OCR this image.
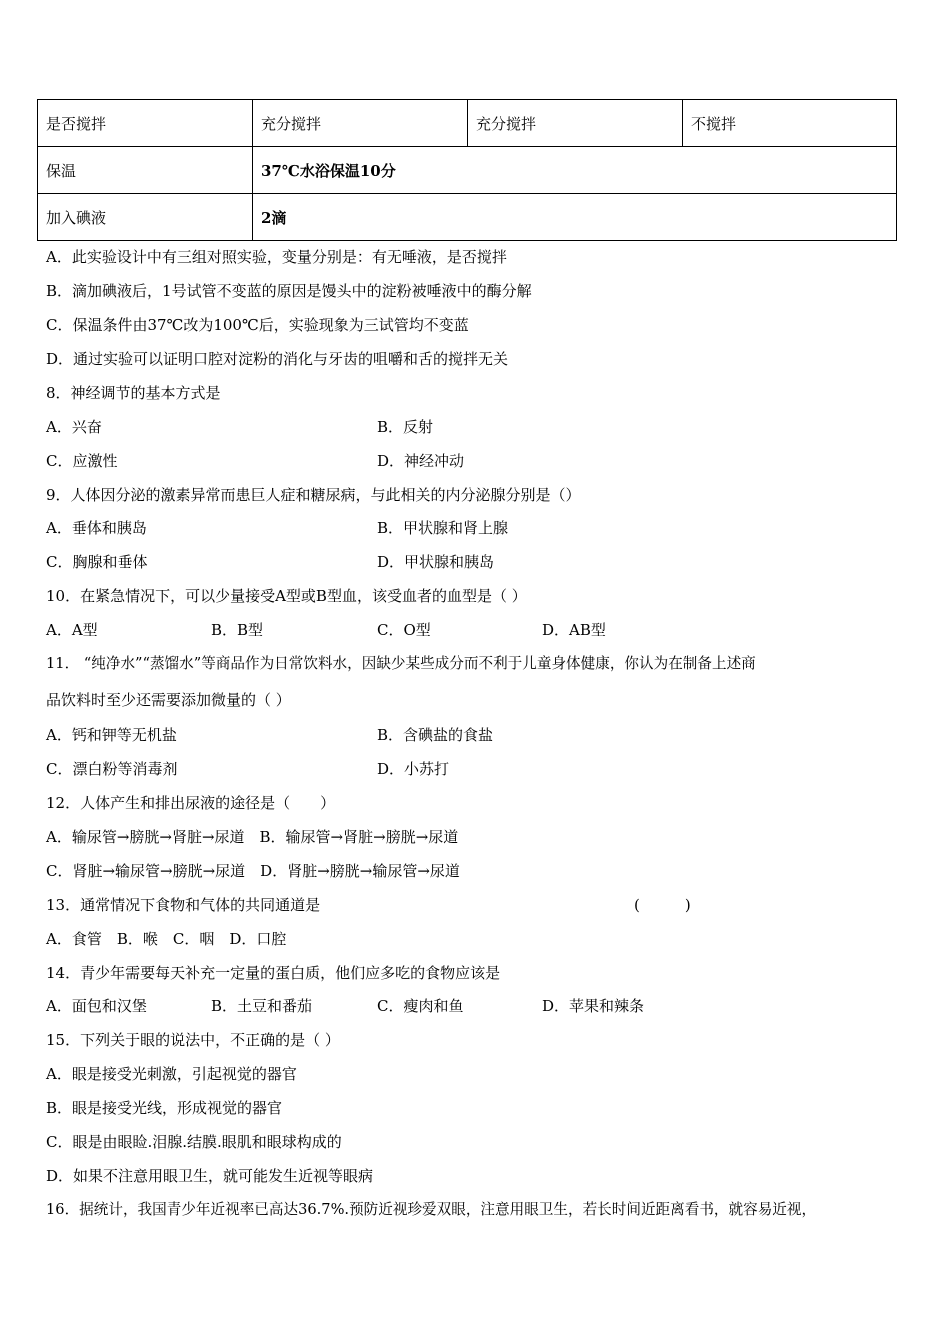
是否搅拌	充分搅拌	充分搅拌	不搅拌
保温	37℃水浴保温10分		
加入碘液	2滴		
A．此实验设计中有三组对照实验，变量分别是：有无唾液，是否搅拌
B．滴加碘液后，1号试管不变蓝的原因是馒头中的淀粉被唾液中的酶分解
C．保温条件由37℃改为100℃后，实验现象为三试管均不变蓝
D．通过实验可以证明口腔对淀粉的消化与牙齿的咀嚼和舌的搅拌无关
8．神经调节的基本方式是
A．兴奋	B．反射
C．应激性	D．神经冲动
9．人体因分泌的激素异常而患巨人症和糖尿病，与此相关的内分泌腺分别是（）
A．垂体和胰岛	B．甲状腺和肾上腺
C．胸腺和垂体	D．甲状腺和胰岛
10．在紧急情况下，可以少量接受A型或B型血，该受血者的血型是（ ）
A．A型	B．B型	C．O型	D．AB型
11． “纯净水”“蒸馏水”等商品作为日常饮料水，因缺少某些成分而不利于儿童身体健康，你认为在制备上述商
品饮料时至少还需要添加微量的（ ）
A．钙和钾等无机盐	B．含碘盐的食盐
C．漂白粉等消毒剂	D．小苏打
12．人体产生和排出尿液的途径是（　　）
A．输尿管→膀胱→肾脏→尿道　B．输尿管→肾脏→膀胱→尿道
C．肾脏→输尿管→膀胱→尿道　D．肾脏→膀胱→输尿管→尿道
13．通常情况下食物和气体的共同通道是	(　　　)
A．食管　B．喉　C．咽　D．口腔
14．青少年需要每天补充一定量的蛋白质，他们应多吃的食物应该是
A．面包和汉堡	B．土豆和番茄	C．瘦肉和鱼	D．苹果和辣条
15．下列关于眼的说法中，不正确的是（ ）
A．眼是接受光刺激，引起视觉的器官
B．眼是接受光线，形成视觉的器官
C．眼是由眼睑.泪腺.结膜.眼肌和眼球构成的
D．如果不注意用眼卫生，就可能发生近视等眼病
16．据统计，我国青少年近视率已高达36.7%.预防近视珍爱双眼，注意用眼卫生，若长时间近距离看书，就容易近视，
